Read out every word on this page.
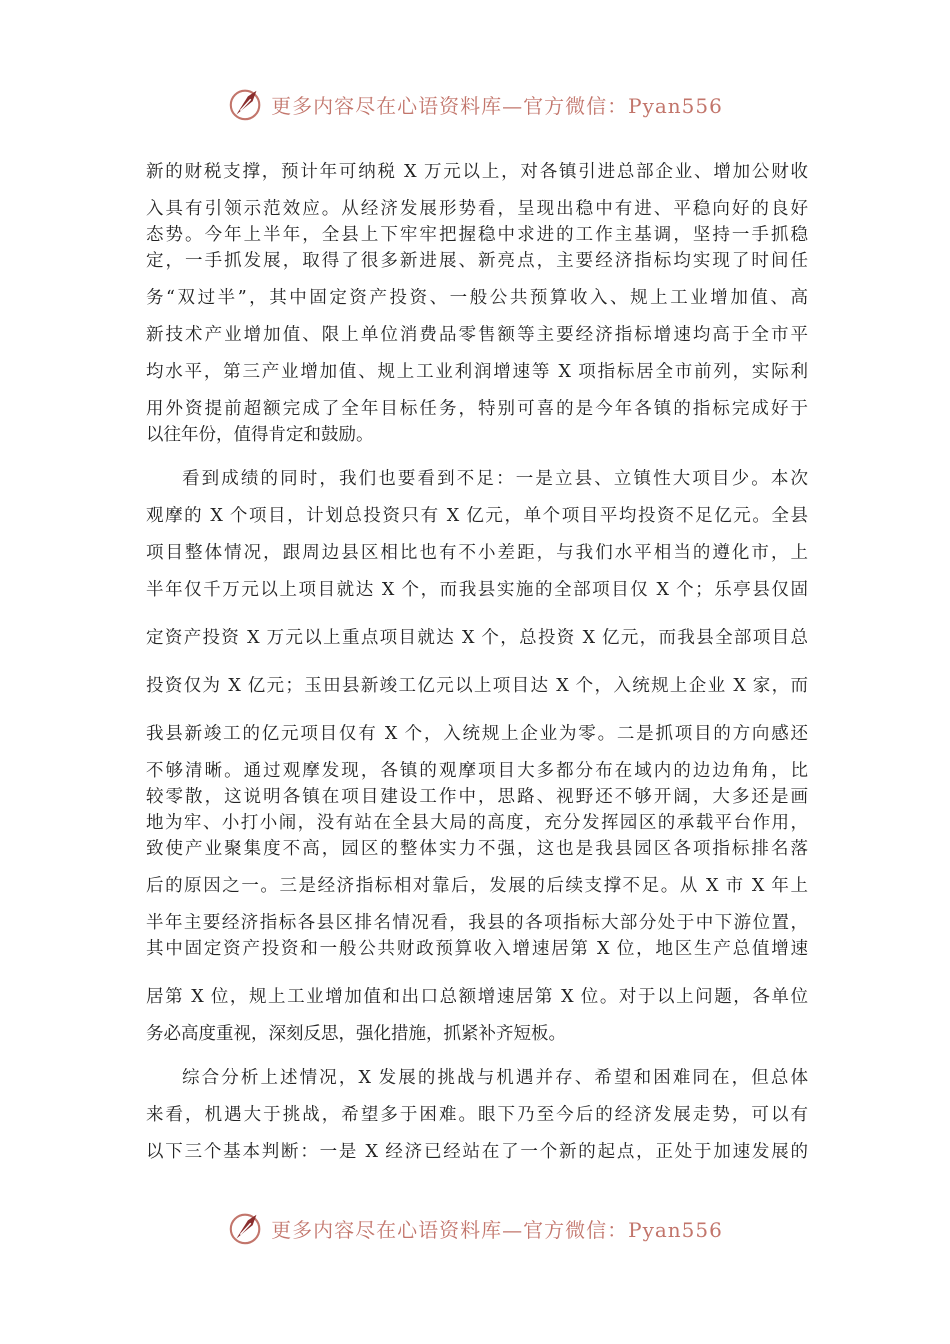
更多内容尽在心语资料库—官方微信：Pyan556
新的财税支撑，预计年可纳税 X 万元以上，对各镇引进总部企业、增加公财收
入具有引领示范效应。从经济发展形势看，呈现出稳中有进、平稳向好的良好
态势。今年上半年，全县上下牢牢把握稳中求进的工作主基调，坚持一手抓稳
定，一手抓发展，取得了很多新进展、新亮点，主要经济指标均实现了时间任
务“双过半”，其中固定资产投资、一般公共预算收入、规上工业增加值、高
新技术产业增加值、限上单位消费品零售额等主要经济指标增速均高于全市平
均水平，第三产业增加值、规上工业利润增速等 X 项指标居全市前列，实际利
用外资提前超额完成了全年目标任务，特别可喜的是今年各镇的指标完成好于
以往年份，值得肯定和鼓励。
看到成绩的同时，我们也要看到不足：一是立县、立镇性大项目少。本次
观摩的 X 个项目，计划总投资只有 X 亿元，单个项目平均投资不足亿元。全县
项目整体情况，跟周边县区相比也有不小差距，与我们水平相当的遵化市，上
半年仅千万元以上项目就达 X 个，而我县实施的全部项目仅 X 个；乐亭县仅固
定资产投资 X 万元以上重点项目就达 X 个，总投资 X 亿元，而我县全部项目总
投资仅为 X 亿元；玉田县新竣工亿元以上项目达 X 个，入统规上企业 X 家，而
我县新竣工的亿元项目仅有 X 个，入统规上企业为零。二是抓项目的方向感还
不够清晰。通过观摩发现，各镇的观摩项目大多都分布在域内的边边角角，比
较零散，这说明各镇在项目建设工作中，思路、视野还不够开阔，大多还是画
地为牢、小打小闹，没有站在全县大局的高度，充分发挥园区的承载平台作用，
致使产业聚集度不高，园区的整体实力不强，这也是我县园区各项指标排名落
后的原因之一。三是经济指标相对靠后，发展的后续支撑不足。从 X 市 X 年上
半年主要经济指标各县区排名情况看，我县的各项指标大部分处于中下游位置，
其中固定资产投资和一般公共财政预算收入增速居第 X 位，地区生产总值增速
居第 X 位，规上工业增加值和出口总额增速居第 X 位。对于以上问题，各单位
务必高度重视，深刻反思，强化措施，抓紧补齐短板。
综合分析上述情况，X 发展的挑战与机遇并存、希望和困难同在，但总体
来看，机遇大于挑战，希望多于困难。眼下乃至今后的经济发展走势，可以有
以下三个基本判断：一是 X 经济已经站在了一个新的起点，正处于加速发展的
更多内容尽在心语资料库—官方微信：Pyan556
